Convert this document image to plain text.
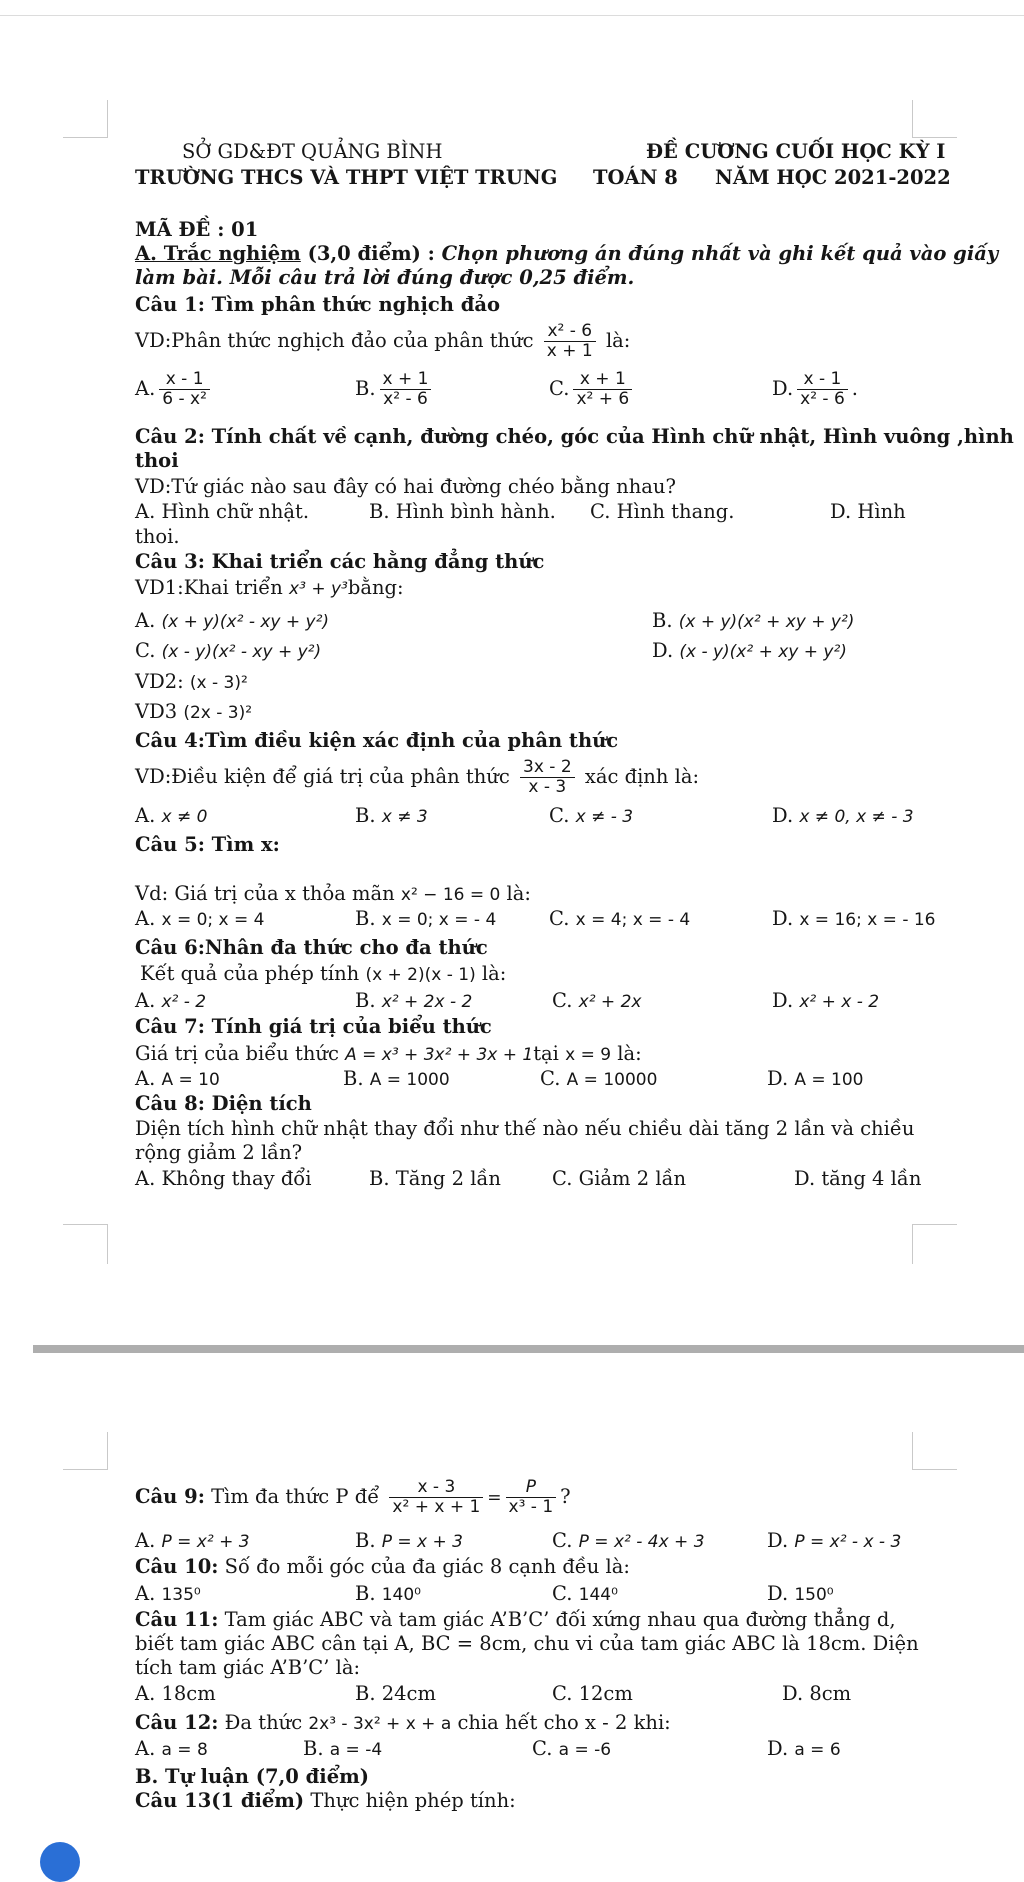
SỞ GD&ĐT QUẢNG BÌNH
TRƯỜNG THCS VÀ THPT VIỆT TRUNG
ĐỀ CƯƠNG CUỐI HỌC KỲ I
TOÁN 8 NĂM HỌC 2021-2022
MÃ ĐỀ : 01
A. Trắc nghiệm (3,0 điểm) : Chọn phương án đúng nhất và ghi kết quả vào giấy
làm bài. Mỗi câu trả lời đúng được 0,25 điểm.
Câu 1: Tìm phân thức nghịch đảo
VD:Phân thức nghịch đảo của phân thức $\frac{\text{x² - 6}}{x + 1}$ là:
A. $\frac{x - 1}{\text{6 - x²}}$	B. $\frac{x + 1}{\text{x² - 6}}$	C. $\frac{x + 1}{\text{x² + 6}}$	D. $\frac{x - 1}{\text{x² - 6}}$ .
Câu 2: Tính chất về cạnh, đường chéo, góc của Hình chữ nhật, Hình vuông ,hình
thoi
VD:Tứ giác nào sau đây có hai đường chéo bằng nhau?
A. Hình chữ nhật.	B. Hình bình hành. C. Hình thang.	D. Hình
thoi.
Câu 3: Khai triển các hằng đẳng thức
VD1:Khai triển x³ + y³bằng:
A. (x + y)(x² - xy + y²)	B. (x + y)(x² + xy + y²)
C. (x - y)(x² - xy + y²)	D. (x - y)(x² + xy + y²)
VD2: (x - 3)²
VD3 (2x - 3)²
Câu 4:Tìm điều kiện xác định của phân thức
VD:Điều kiện để giá trị của phân thức $\frac{3x - 2}{x - 3}$ xác định là:
A. x ≠ 0	B. x ≠ 3	C. x ≠ - 3	D. x ≠ 0, x ≠ - 3
Câu 5: Tìm x:
Vd: Giá trị của x thỏa mãn x² − 16 = 0 là:
A. x = 0; x = 4	B. x = 0; x = - 4	C. x = 4; x = - 4	D. x = 16; x = - 16
Câu 6:Nhân đa thức cho đa thức
Kết quả của phép tính (x + 2)(x - 1) là:
A. x² - 2	B. x² + 2x - 2	C. x² + 2x	D. x² + x - 2
Câu 7: Tính giá trị của biểu thức
Giá trị của biểu thức A = x³ + 3x² + 3x + 1tại x = 9 là:
A. A = 10	B. A = 1000	C. A = 10000	D. A = 100
Câu 8: Diện tích
Diện tích hình chữ nhật thay đổi như thế nào nếu chiều dài tăng 2 lần và chiều
rộng giảm 2 lần?
A. Không thay đổi	B. Tăng 2 lần	C. Giảm 2 lần	D. tăng 4 lần
Câu 9: Tìm đa thức P để $\frac{x - 3}{\text{x² + x + 1}} = \frac{P}{\text{x³ - 1}}$ ?
A. P = x² + 3	B. P = x + 3	C. P = x² - 4x + 3	D. P = x² - x - 3
Câu 10: Số đo mỗi góc của đa giác 8 cạnh đều là:
A. 135⁰	B. 140⁰	C. 144⁰	D. 150⁰
Câu 11: Tam giác ABC và tam giác A’B’C’ đối xứng nhau qua đường thẳng d,
biết tam giác ABC cân tại A, BC = 8cm, chu vi của tam giác ABC là 18cm. Diện
tích tam giác A’B’C’ là:
A. 18cm	B. 24cm	C. 12cm	D. 8cm
Câu 12: Đa thức 2x³ - 3x² + x + a chia hết cho x - 2 khi:
A. a = 8	B. a = -4	C. a = -6	D. a = 6
B. Tự luận (7,0 điểm)
Câu 13(1 điểm) Thực hiện phép tính:
